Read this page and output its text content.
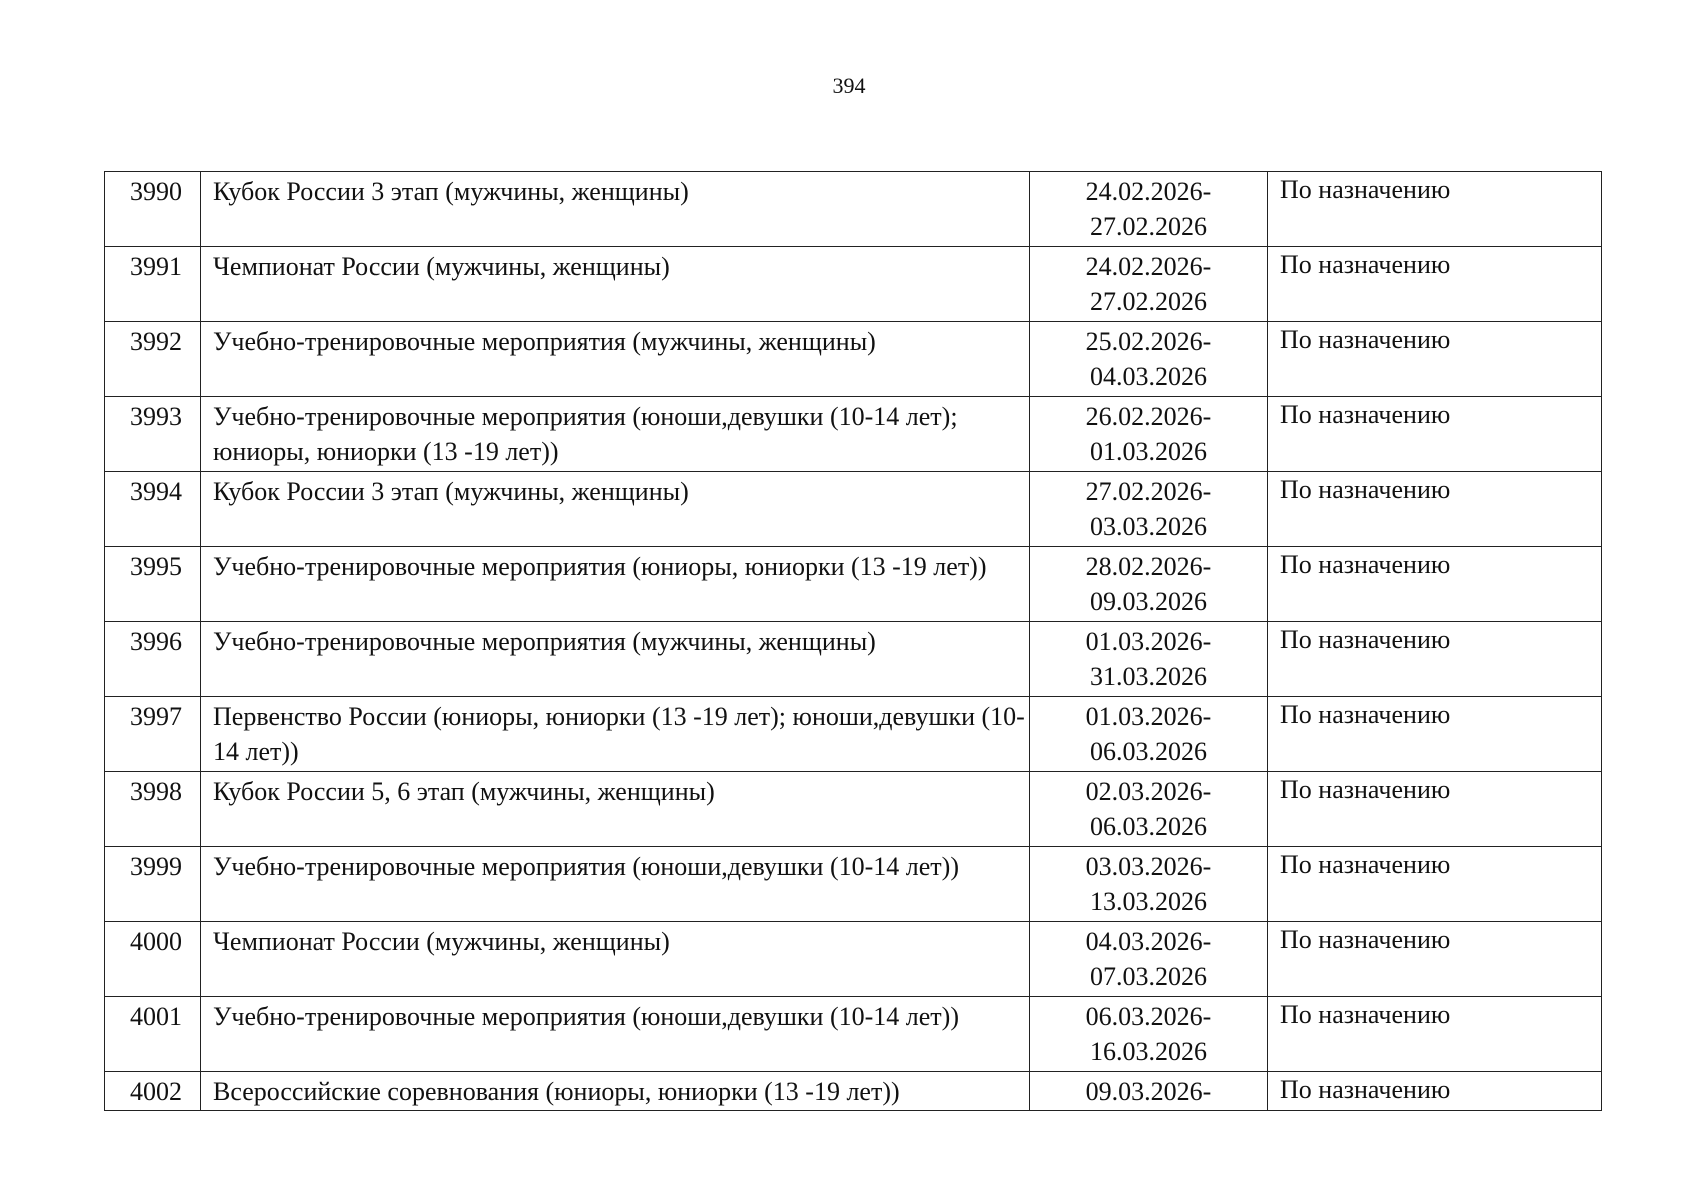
394
3990	Кубок России 3 этап (мужчины, женщины)	24.02.2026-
27.02.2026	По назначению
3991	Чемпионат России (мужчины, женщины)	24.02.2026-
27.02.2026	По назначению
3992	Учебно-тренировочные мероприятия (мужчины, женщины)	25.02.2026-
04.03.2026	По назначению
3993	Учебно-тренировочные мероприятия (юноши,девушки (10-14 лет); юниоры, юниорки (13 -19 лет))	26.02.2026-
01.03.2026	По назначению
3994	Кубок России 3 этап (мужчины, женщины)	27.02.2026-
03.03.2026	По назначению
3995	Учебно-тренировочные мероприятия (юниоры, юниорки (13 -19 лет))	28.02.2026-
09.03.2026	По назначению
3996	Учебно-тренировочные мероприятия (мужчины, женщины)	01.03.2026-
31.03.2026	По назначению
3997	Первенство России (юниоры, юниорки (13 -19 лет); юноши,девушки (10-14 лет))	01.03.2026-
06.03.2026	По назначению
3998	Кубок России 5, 6 этап (мужчины, женщины)	02.03.2026-
06.03.2026	По назначению
3999	Учебно-тренировочные мероприятия (юноши,девушки (10-14 лет))	03.03.2026-
13.03.2026	По назначению
4000	Чемпионат России (мужчины, женщины)	04.03.2026-
07.03.2026	По назначению
4001	Учебно-тренировочные мероприятия (юноши,девушки (10-14 лет))	06.03.2026-
16.03.2026	По назначению
4002	Всероссийские соревнования (юниоры, юниорки (13 -19 лет))	09.03.2026-	По назначению
